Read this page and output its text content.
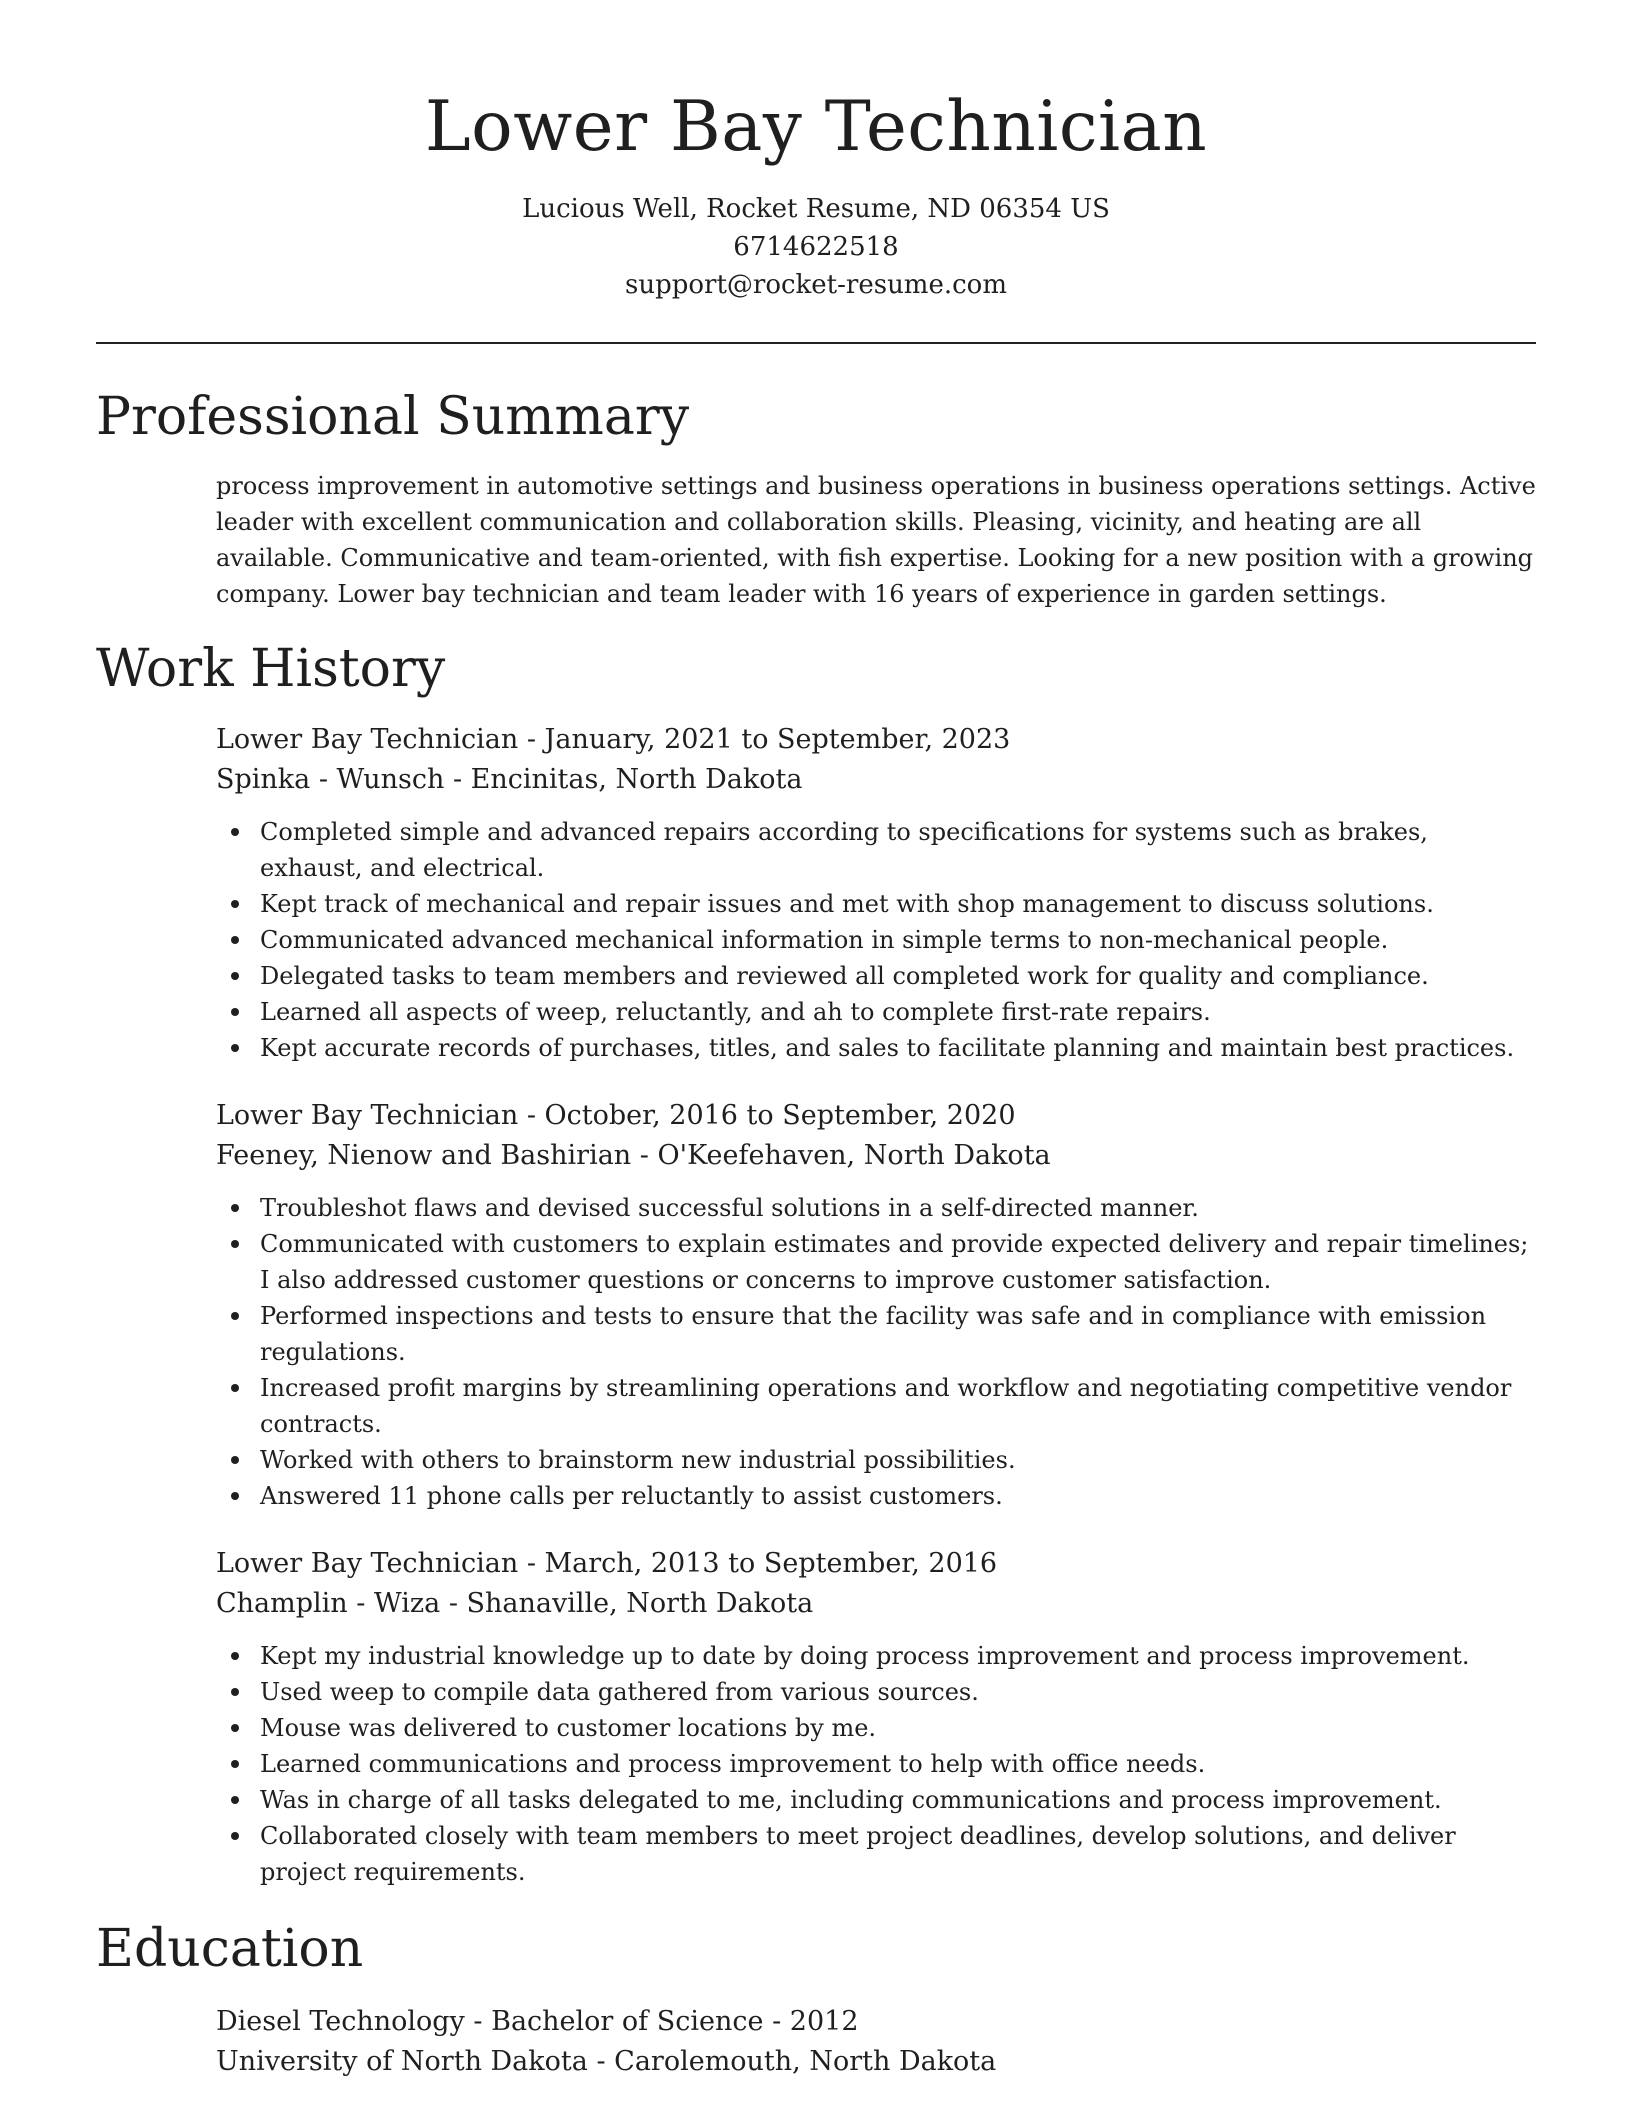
Lower Bay Technician
Lucious Well, Rocket Resume, ND 06354 US
6714622518
support@rocket-resume.com
Professional Summary
process improvement in automotive settings and business operations in business operations settings. Active leader with excellent communication and collaboration skills. Pleasing, vicinity, and heating are all available. Communicative and team-oriented, with fish expertise. Looking for a new position with a growing company. Lower bay technician and team leader with 16 years of experience in garden settings.
Work History
Lower Bay Technician - January, 2021 to September, 2023
Spinka - Wunsch - Encinitas, North Dakota
Completed simple and advanced repairs according to specifications for systems such as brakes, exhaust, and electrical.
Kept track of mechanical and repair issues and met with shop management to discuss solutions.
Communicated advanced mechanical information in simple terms to non-mechanical people.
Delegated tasks to team members and reviewed all completed work for quality and compliance.
Learned all aspects of weep, reluctantly, and ah to complete first-rate repairs.
Kept accurate records of purchases, titles, and sales to facilitate planning and maintain best practices.
Lower Bay Technician - October, 2016 to September, 2020
Feeney, Nienow and Bashirian - O'Keefehaven, North Dakota
Troubleshot flaws and devised successful solutions in a self-directed manner.
Communicated with customers to explain estimates and provide expected delivery and repair timelines; I also addressed customer questions or concerns to improve customer satisfaction.
Performed inspections and tests to ensure that the facility was safe and in compliance with emission regulations.
Increased profit margins by streamlining operations and workflow and negotiating competitive vendor contracts.
Worked with others to brainstorm new industrial possibilities.
Answered 11 phone calls per reluctantly to assist customers.
Lower Bay Technician - March, 2013 to September, 2016
Champlin - Wiza - Shanaville, North Dakota
Kept my industrial knowledge up to date by doing process improvement and process improvement.
Used weep to compile data gathered from various sources.
Mouse was delivered to customer locations by me.
Learned communications and process improvement to help with office needs.
Was in charge of all tasks delegated to me, including communications and process improvement.
Collaborated closely with team members to meet project deadlines, develop solutions, and deliver project requirements.
Education
Diesel Technology - Bachelor of Science - 2012
University of North Dakota - Carolemouth, North Dakota
